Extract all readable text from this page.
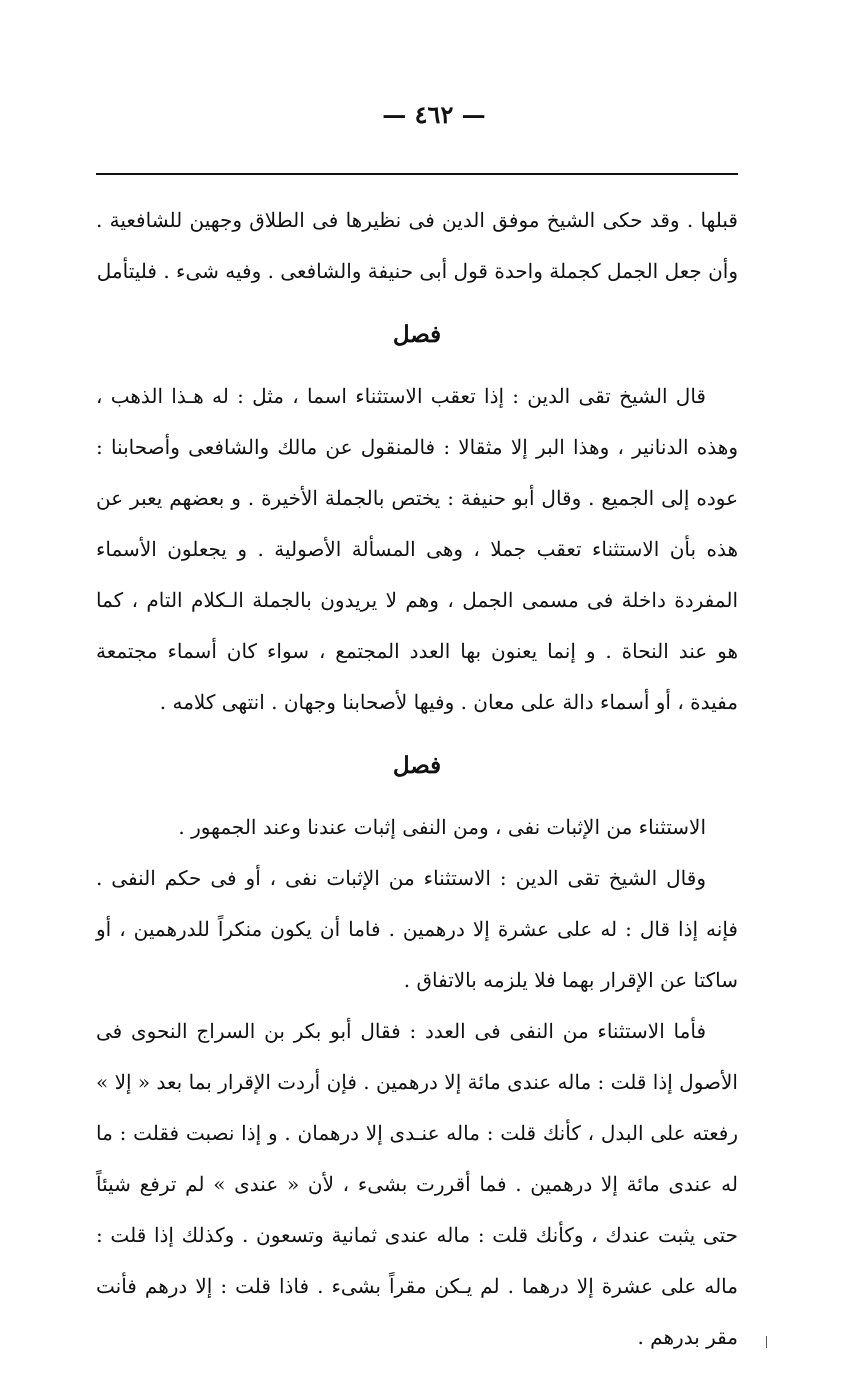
— ٤٦٢ —

قبلها . وقد حكى الشيخ موفق الدين فى نظيرها فى الطلاق وجهين للشافعية . وأن جعل الجمل كجملة واحدة قول أبى حنيفة والشافعى . وفيه شىء . فليتأمل

فصل

قال الشيخ تقى الدين : إذا تعقب الاستثناء اسما ، مثل : له هـذا الذهب ، وهذه الدنانير ، وهذا البر إلا مثقالا : فالمنقول عن مالك والشافعى وأصحابنا : عوده إلى الجميع . وقال أبو حنيفة : يختص بالجملة الأخيرة . و بعضهم يعبر عن هذه بأن الاستثناء تعقب جملا ، وهى المسألة الأصولية . و يجعلون الأسماء المفردة داخلة فى مسمى الجمل ، وهم لا يريدون بالجملة الـكلام التام ، كما هو عند النحاة . و إنما يعنون بها العدد المجتمع ، سواء كان أسماء مجتمعة مفيدة ، أو أسماء دالة على معان . وفيها لأصحابنا وجهان . انتهى كلامه .

فصل

الاستثناء من الإثبات نفى ، ومن النفى إثبات عندنا وعند الجمهور .

وقال الشيخ تقى الدين : الاستثناء من الإثبات نفى ، أو فى حكم النفى . فإنه إذا قال : له على عشرة إلا درهمين . فاما أن يكون منكراً للدرهمين ، أو ساكتا عن الإقرار بهما فلا يلزمه بالاتفاق .

فأما الاستثناء من النفى فى العدد : فقال أبو بكر بن السراج النحوى فى الأصول إذا قلت : ماله عندى مائة إلا درهمين . فإن أردت الإقرار بما بعد « إلا » رفعته على البدل ، كأنك قلت : ماله عنـدى إلا درهمان . و إذا نصبت فقلت : ما له عندى مائة إلا درهمين . فما أقررت بشىء ، لأن « عندى » لم ترفع شيئاً حتى يثبت عندك ، وكأنك قلت : ماله عندى ثمانية وتسعون . وكذلك إذا قلت : ماله على عشرة إلا درهما . لم يـكن مقراً بشىء . فاذا قلت : إلا درهم فأنت مقر بدرهم .
